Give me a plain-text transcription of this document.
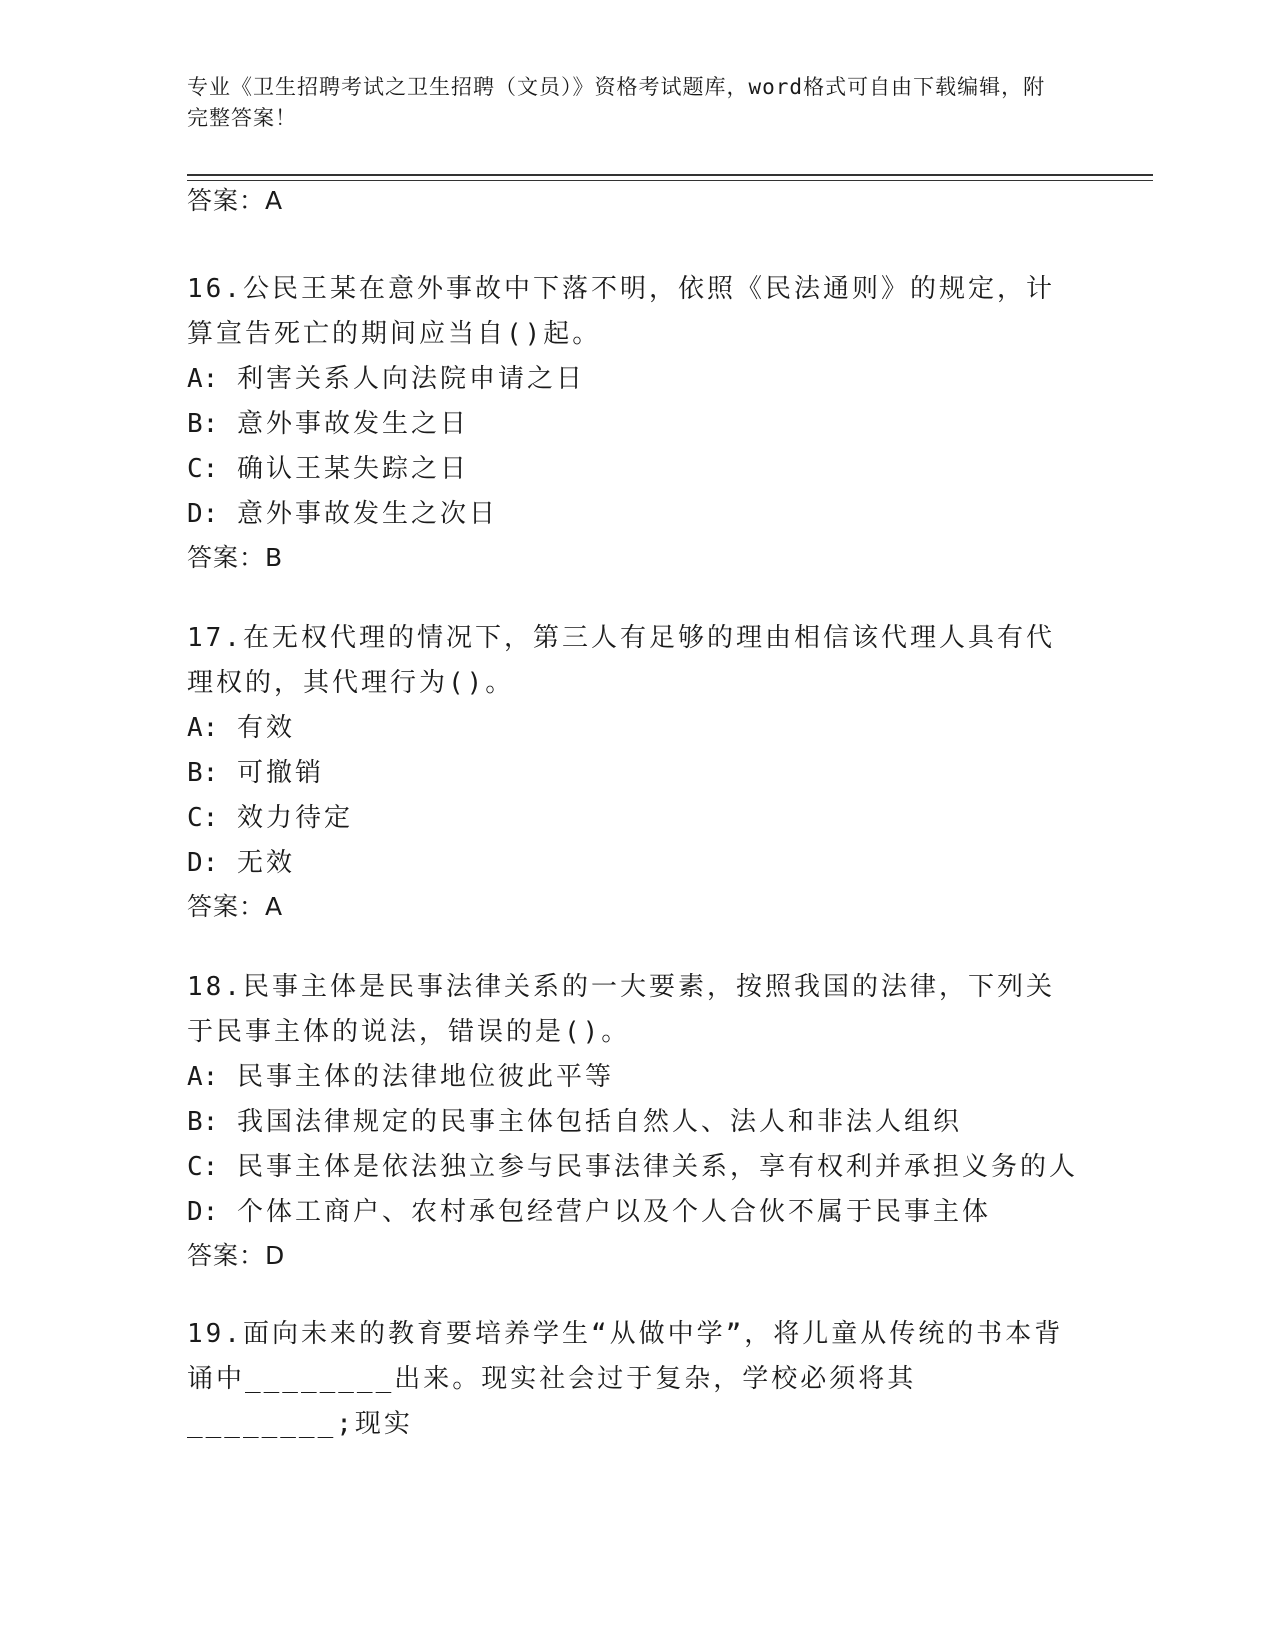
专业《卫生招聘考试之卫生招聘（文员）》资格考试题库，word格式可自由下载编辑，附完整答案！
答案：A
16.公民王某在意外事故中下落不明，依照《民法通则》的规定，计算宣告死亡的期间应当自()起。
A: 利害关系人向法院申请之日
B: 意外事故发生之日
C: 确认王某失踪之日
D: 意外事故发生之次日
答案：B
17.在无权代理的情况下，第三人有足够的理由相信该代理人具有代理权的，其代理行为()。
A: 有效
B: 可撤销
C: 效力待定
D: 无效
答案：A
18.民事主体是民事法律关系的一大要素，按照我国的法律，下列关于民事主体的说法，错误的是()。
A: 民事主体的法律地位彼此平等
B: 我国法律规定的民事主体包括自然人、法人和非法人组织
C: 民事主体是依法独立参与民事法律关系，享有权利并承担义务的人
D: 个体工商户、农村承包经营户以及个人合伙不属于民事主体
答案：D
19.面向未来的教育要培养学生“从做中学”，将儿童从传统的书本背诵中________出来。现实社会过于复杂，学校必须将其________;现实
